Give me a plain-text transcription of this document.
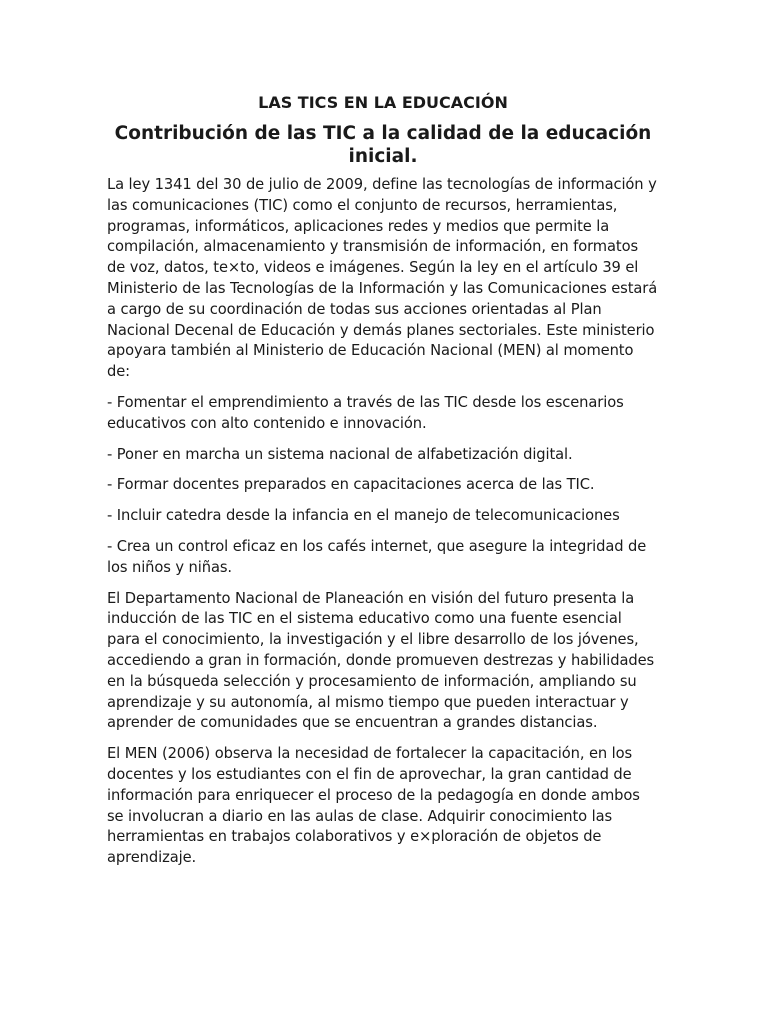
LAS TICS EN LA EDUCACIÓN
Contribución de las TIC a la calidad de la educación
inicial.

La ley 1341 del 30 de julio de 2009, define las tecnologías de información y las comunicaciones (TIC) como el conjunto de recursos, herramientas, programas, informáticos, aplicaciones redes y medios que permite la compilación, almacenamiento y transmisión de información, en formatos de voz, datos, te×to, videos e imágenes. Según la ley en el artículo 39 el Ministerio de las Tecnologías de la Información y las Comunicaciones estará a cargo de su coordinación de todas sus acciones orientadas al Plan Nacional Decenal de Educación y demás planes sectoriales. Este ministerio apoyara también al Ministerio de Educación Nacional (MEN) al momento de:

- Fomentar el emprendimiento a través de las TIC desde los escenarios educativos con alto contenido e innovación.

- Poner en marcha un sistema nacional de alfabetización digital.

- Formar docentes preparados en capacitaciones acerca de las TIC.

- Incluir catedra desde la infancia en el manejo de telecomunicaciones

- Crea un control eficaz en los cafés internet, que asegure la integridad de los niños y niñas.

El Departamento Nacional de Planeación en visión del futuro presenta la inducción de las TIC en el sistema educativo como una fuente esencial para el conocimiento, la investigación y el libre desarrollo de los jóvenes, accediendo a gran in formación, donde promueven destrezas y habilidades en la búsqueda selección y procesamiento de información, ampliando su aprendizaje y su autonomía, al mismo tiempo que pueden interactuar y aprender de comunidades que se encuentran a grandes distancias.

El MEN (2006) observa la necesidad de fortalecer la capacitación, en los docentes y los estudiantes con el fin de aprovechar, la gran cantidad de información para enriquecer el proceso de la pedagogía en donde ambos se involucran a diario en las aulas de clase. Adquirir conocimiento las herramientas en trabajos colaborativos y e×ploración de objetos de aprendizaje.
